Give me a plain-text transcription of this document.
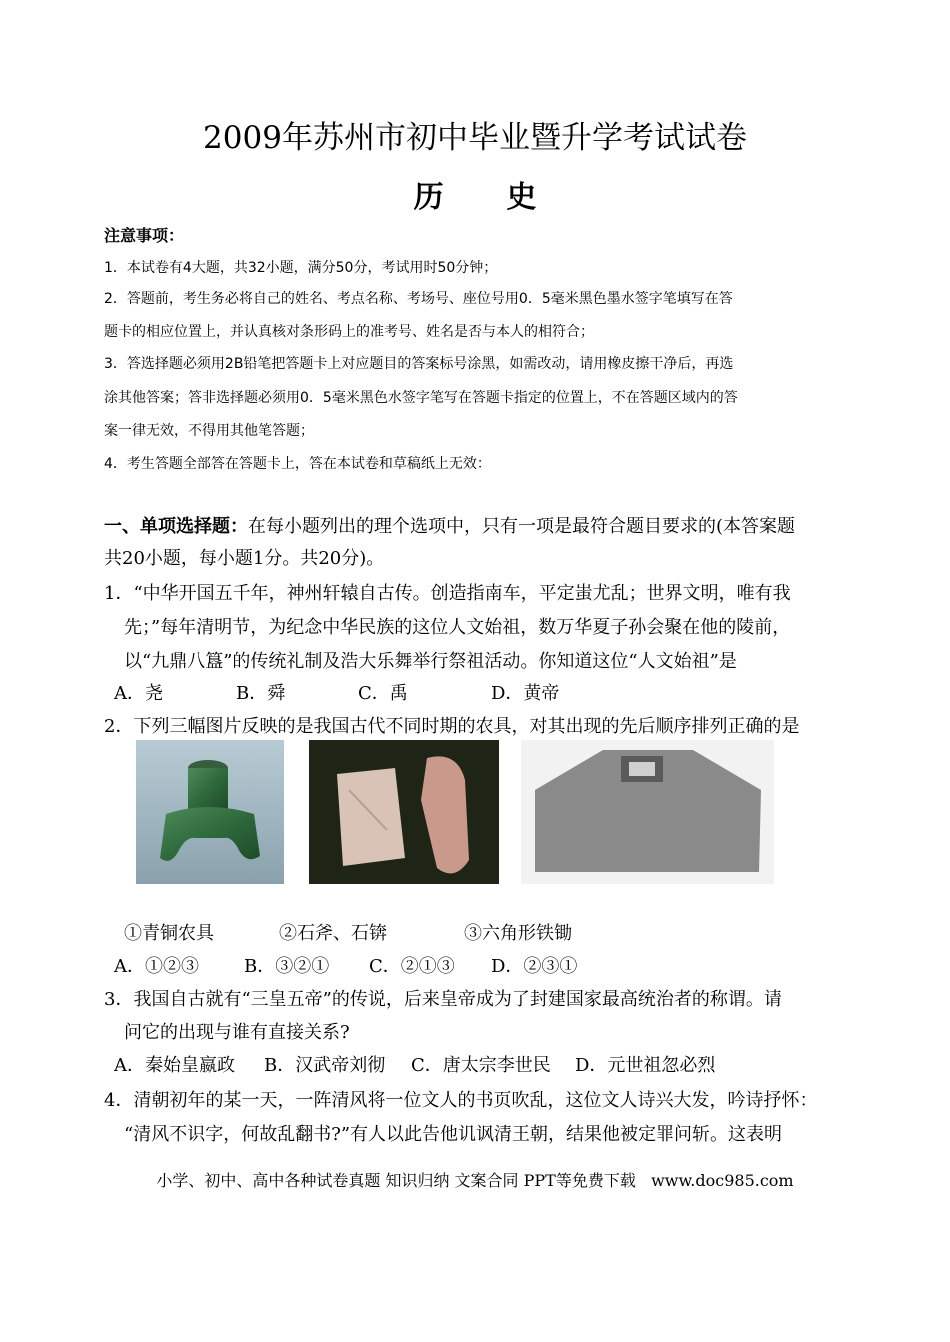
2009年苏州市初中毕业暨升学考试试卷
历      史
注意事项：
1．本试卷有4大题，共32小题，满分50分，考试用时50分钟；
2．答题前，考生务必将自己的姓名、考点名称、考场号、座位号用0．5毫米黑色墨水签字笔填写在答
题卡的相应位置上，并认真核对条形码上的准考号、姓名是否与本人的相符合；
3．答选择题必须用2B铅笔把答题卡上对应题目的答案标号涂黑，如需改动，请用橡皮擦干净后，再选
涂其他答案；答非选择题必须用0．5毫米黑色水签字笔写在答题卡指定的位置上，不在答题区域内的答
案一律无效，不得用其他笔答题；
4．考生答题全部答在答题卡上，答在本试卷和草稿纸上无效：
一、单项选择题：在每小题列出的理个选项中，只有一项是最符合题目要求的(本答案题
共20小题，每小题1分。共20分)。
1．“中华开国五千年，神州轩辕自古传。创造指南车，平定蚩尤乱；世界文明，唯有我
先；”每年清明节，为纪念中华民族的这位人文始祖，数万华夏子孙会聚在他的陵前，
以“九鼎八簋”的传统礼制及浩大乐舞举行祭祖活动。你知道这位“人文始祖”是
A．尧	B．舜	C．禹	D．黄帝
2．下列三幅图片反映的是我国古代不同时期的农具，对其出现的先后顺序排列正确的是
①青铜农具	②石斧、石锛	③六角形铁锄
A．①②③	B．③②① C．②①③ D．②③①
3．我国自古就有“三皇五帝”的传说，后来皇帝成为了封建国家最高统治者的称谓。请
问它的出现与谁有直接关系?
A．秦始皇嬴政 B．汉武帝刘彻 C．唐太宗李世民 D．元世祖忽必烈
4．清朝初年的某一天，一阵清风将一位文人的书页吹乱，这位文人诗兴大发，吟诗抒怀：
“清风不识字，何故乱翻书?”有人以此告他讥讽清王朝，结果他被定罪问斩。这表明
小学、初中、高中各种试卷真题 知识归纳 文案合同 PPT等免费下载   www.doc985.com
